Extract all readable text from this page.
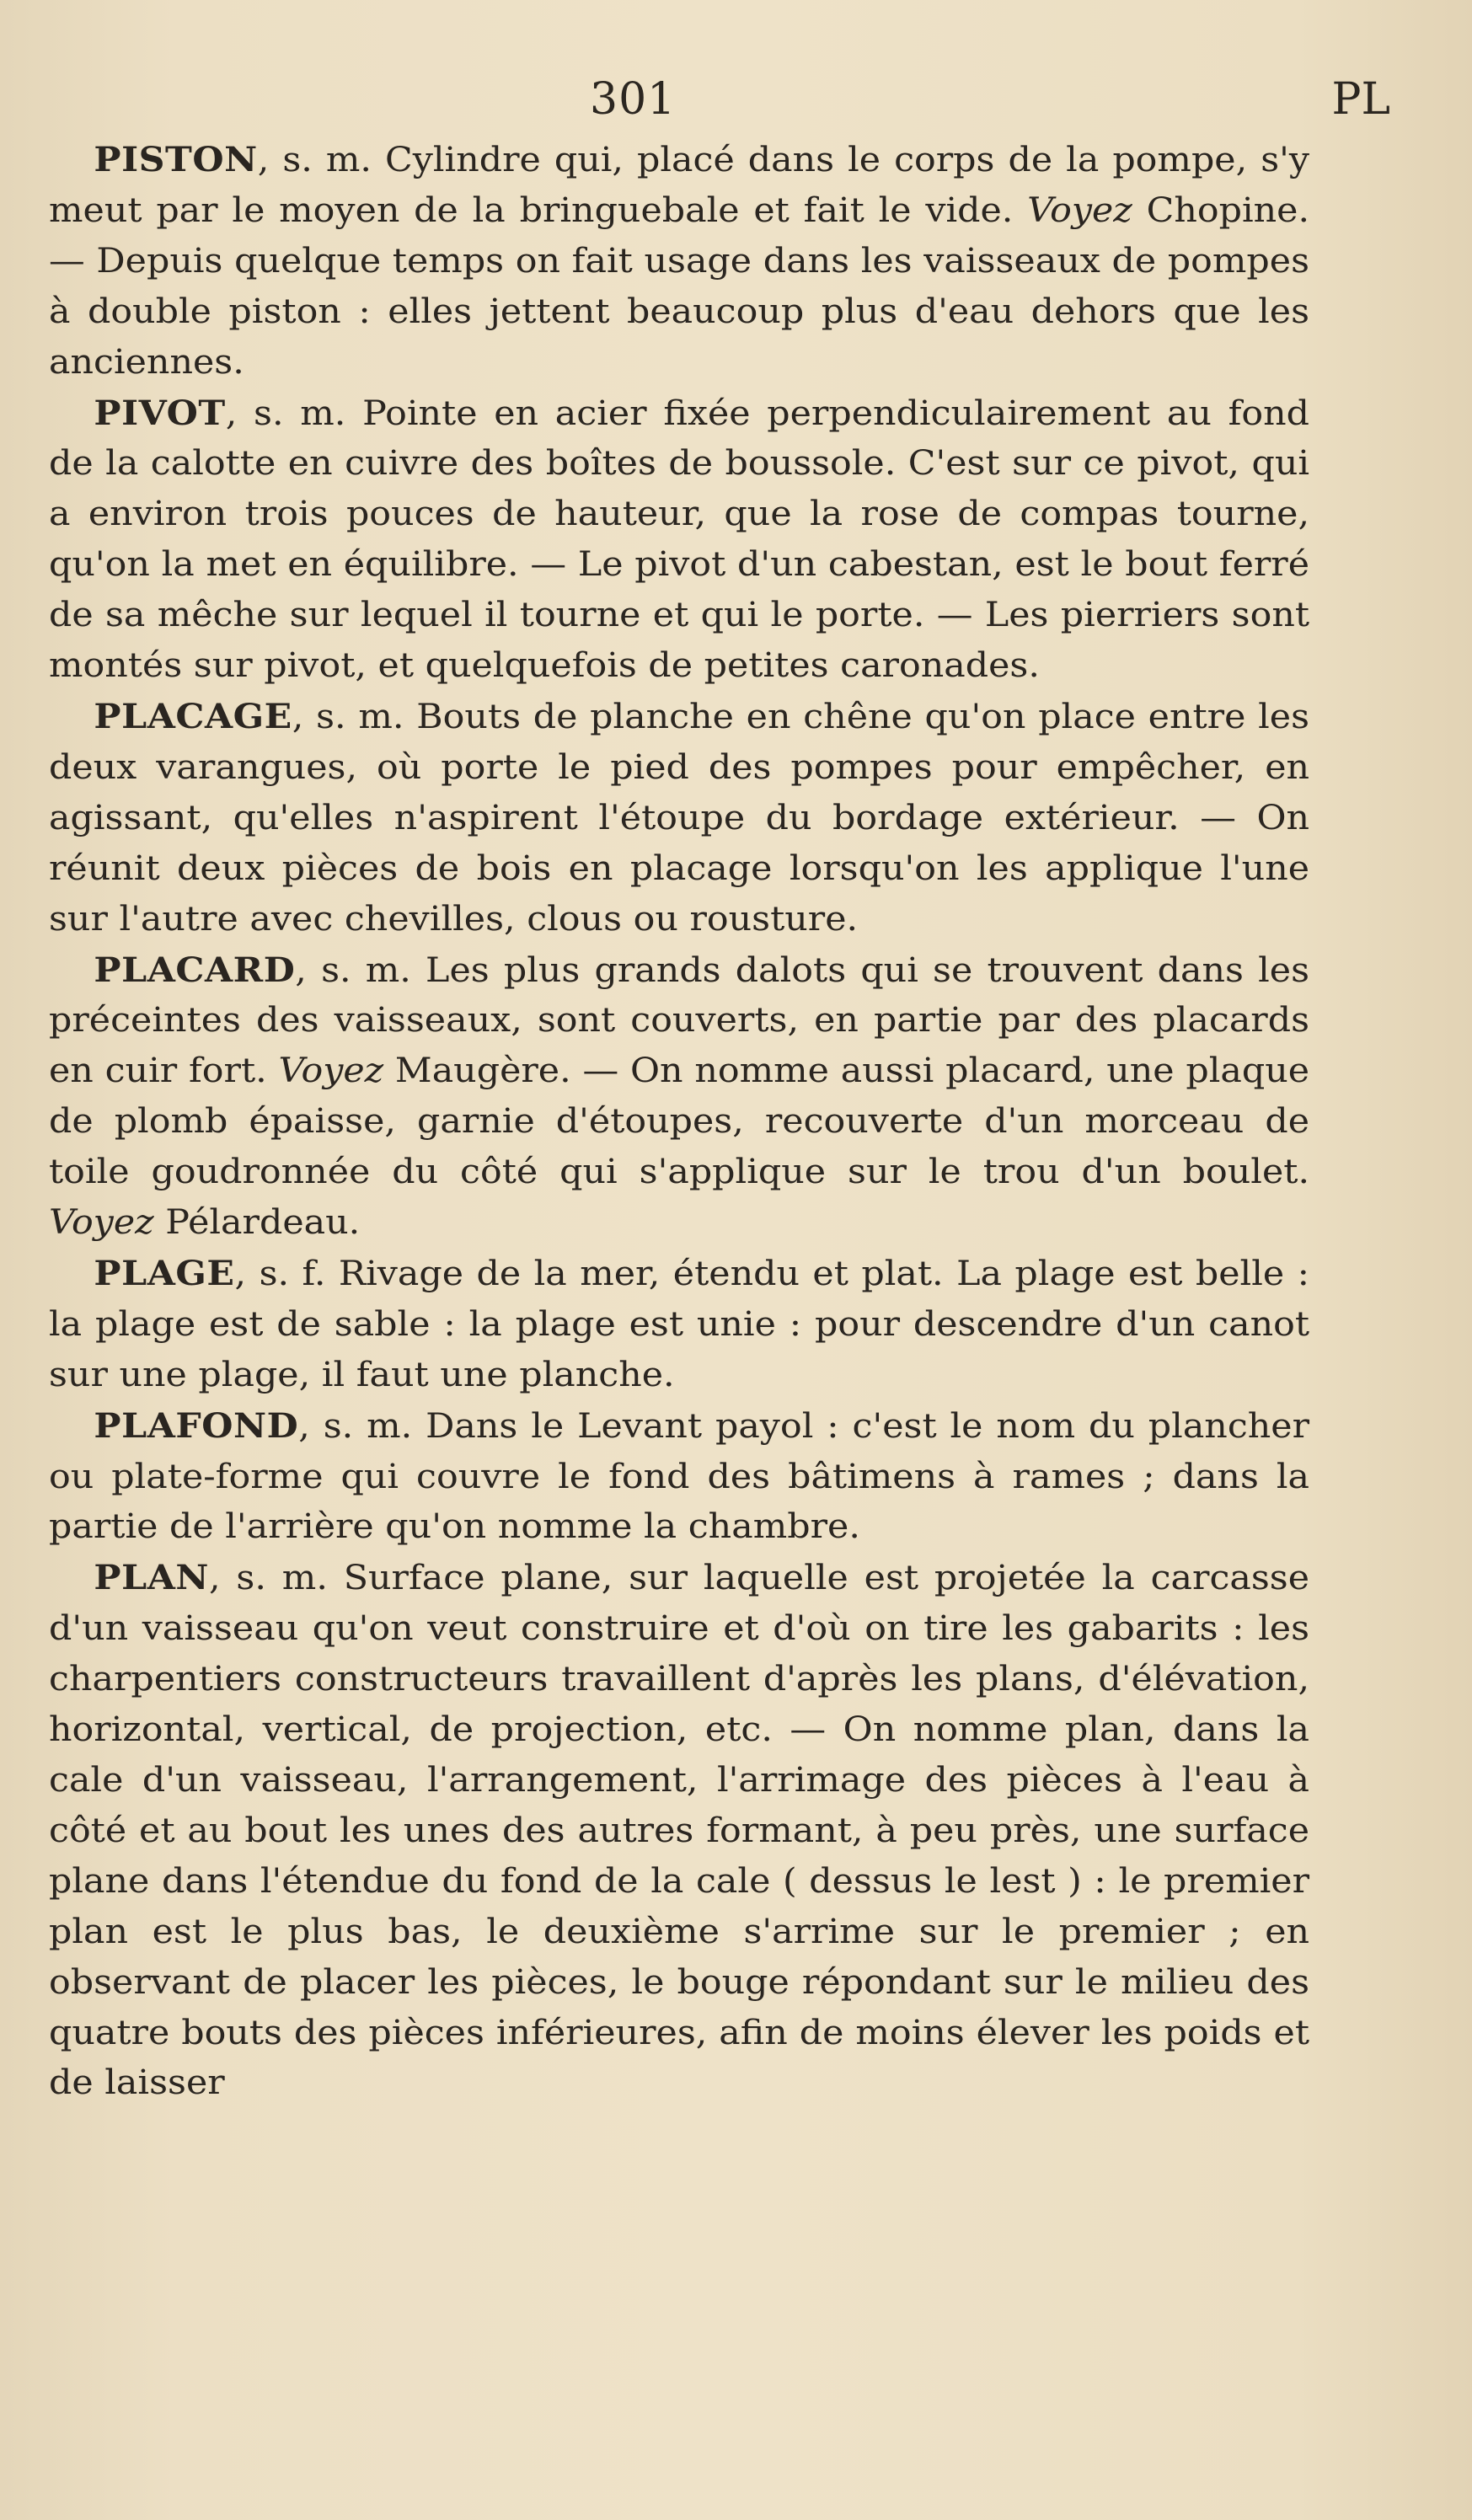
301	PL

PISTON, s. m. Cylindre qui, placé dans le corps de la pompe, s'y meut par le moyen de la bringuebale et fait le vide. Voyez Chopine. — Depuis quelque temps on fait usage dans les vaisseaux de pompes à double piston : elles jettent beaucoup plus d'eau dehors que les anciennes.

PIVOT, s. m. Pointe en acier fixée perpendiculairement au fond de la calotte en cuivre des boîtes de boussole. C'est sur ce pivot, qui a environ trois pouces de hauteur, que la rose de compas tourne, qu'on la met en équilibre. — Le pivot d'un cabestan, est le bout ferré de sa mêche sur lequel il tourne et qui le porte. — Les pierriers sont montés sur pivot, et quelquefois de petites caronades.

PLACAGE, s. m. Bouts de planche en chêne qu'on place entre les deux varangues, où porte le pied des pompes pour empêcher, en agissant, qu'elles n'aspirent l'étoupe du bordage extérieur. — On réunit deux pièces de bois en placage lorsqu'on les applique l'une sur l'autre avec chevilles, clous ou rousture.

PLACARD, s. m. Les plus grands dalots qui se trouvent dans les préceintes des vaisseaux, sont couverts, en partie par des placards en cuir fort. Voyez Maugère. — On nomme aussi placard, une plaque de plomb épaisse, garnie d'étoupes, recouverte d'un morceau de toile goudronnée du côté qui s'applique sur le trou d'un boulet. Voyez Pélardeau.

PLAGE, s. f. Rivage de la mer, étendu et plat. La plage est belle : la plage est de sable : la plage est unie : pour descendre d'un canot sur une plage, il faut une planche.

PLAFOND, s. m. Dans le Levant payol : c'est le nom du plancher ou plate-forme qui couvre le fond des bâtimens à rames ; dans la partie de l'arrière qu'on nomme la chambre.

PLAN, s. m. Surface plane, sur laquelle est projetée la carcasse d'un vaisseau qu'on veut construire et d'où on tire les gabarits : les charpentiers constructeurs travaillent d'après les plans, d'élévation, horizontal, vertical, de projection, etc. — On nomme plan, dans la cale d'un vaisseau, l'arrangement, l'arrimage des pièces à l'eau à côté et au bout les unes des autres formant, à peu près, une surface plane dans l'étendue du fond de la cale ( dessus le lest ) : le premier plan est le plus bas, le deuxième s'arrime sur le premier ; en observant de placer les pièces, le bouge répondant sur le milieu des quatre bouts des pièces inférieures, afin de moins élever les poids et de laisser
